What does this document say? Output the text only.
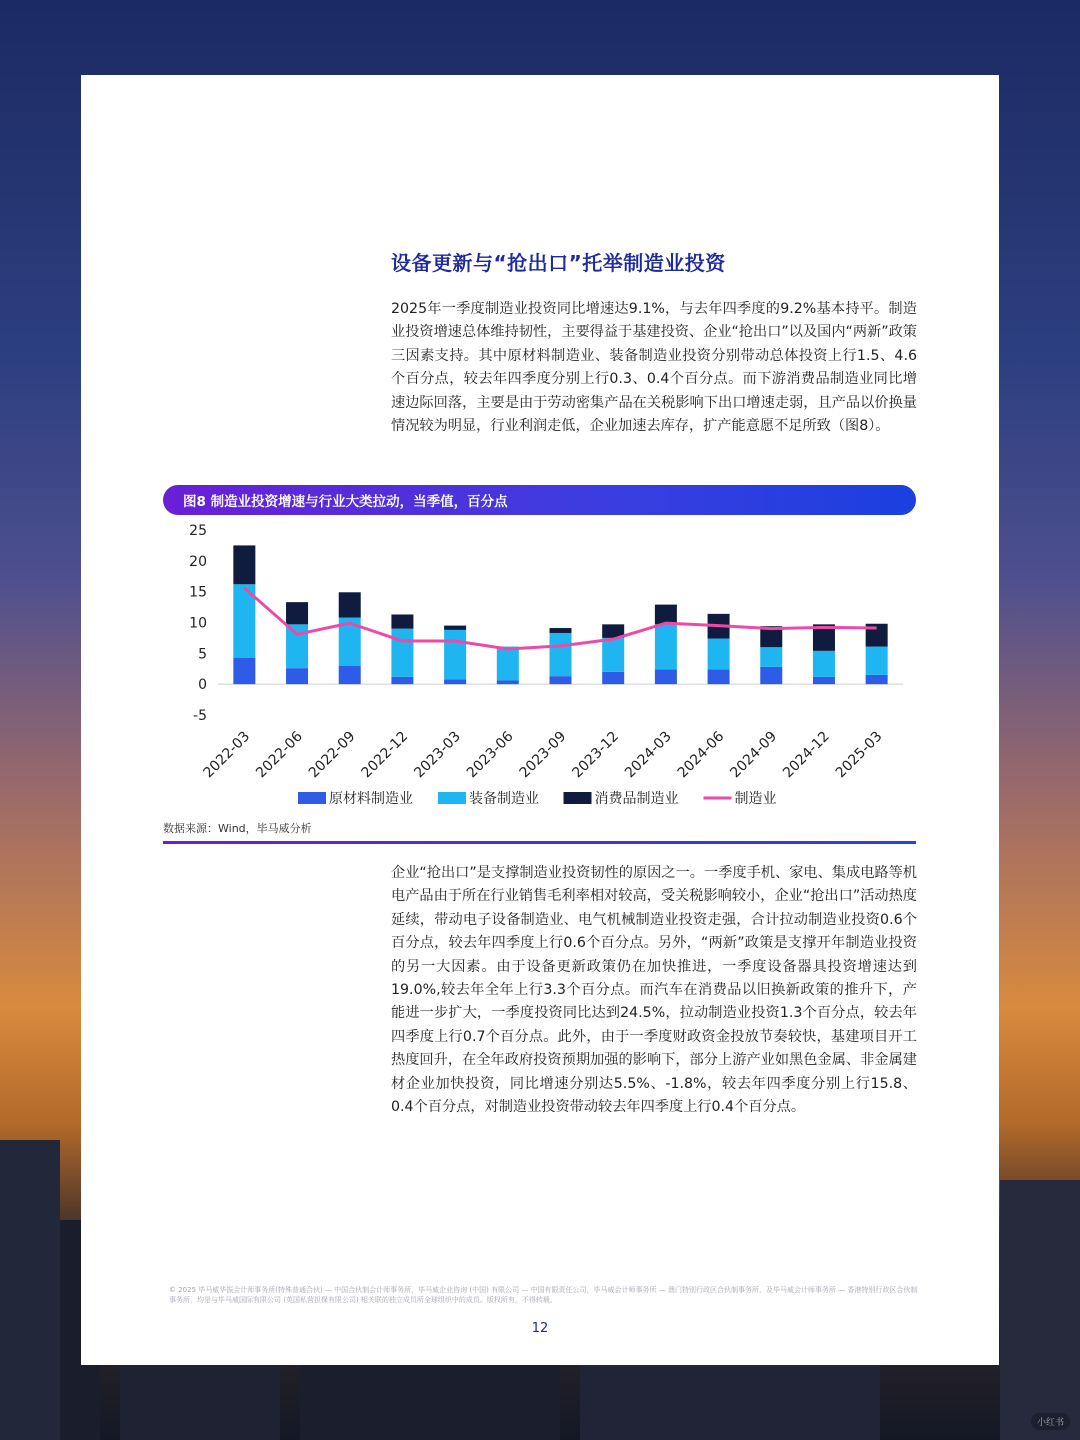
设备更新与“抢出口”托举制造业投资

2025年一季度制造业投资同比增速达9.1%，与去年四季度的9.2%基本持平。制造业投资增速总体维持韧性，主要得益于基建投资、企业“抢出口”以及国内“两新”政策三因素支持。其中原材料制造业、装备制造业投资分别带动总体投资上行1.5、4.6个百分点，较去年四季度分别上行0.3、0.4个百分点。而下游消费品制造业同比增速边际回落，主要是由于劳动密集产品在关税影响下出口增速走弱，且产品以价换量情况较为明显，行业利润走低，企业加速去库存，扩产能意愿不足所致（图8）。

图8 制造业投资增速与行业大类拉动，当季值，百分点
25
20
15
10
5
0
-5
2022-03 2022-06 2022-09 2022-12 2023-03 2023-06 2023-09 2023-12 2024-03 2024-06 2024-09 2024-12 2025-03
原材料制造业	装备制造业	消费品制造业	制造业
数据来源：Wind，毕马威分析

企业“抢出口”是支撑制造业投资韧性的原因之一。一季度手机、家电、集成电路等机电产品由于所在行业销售毛利率相对较高，受关税影响较小，企业“抢出口”活动热度延续，带动电子设备制造业、电气机械制造业投资走强，合计拉动制造业投资0.6个百分点，较去年四季度上行0.6个百分点。另外，“两新”政策是支撑开年制造业投资的另一大因素。由于设备更新政策仍在加快推进，一季度设备器具投资增速达到19.0%,较去年全年上行3.3个百分点。而汽车在消费品以旧换新政策的推升下，产能进一步扩大，一季度投资同比达到24.5%，拉动制造业投资1.3个百分点，较去年四季度上行0.7个百分点。此外，由于一季度财政资金投放节奏较快，基建项目开工热度回升，在全年政府投资预期加强的影响下，部分上游产业如黑色金属、非金属建材企业加快投资，同比增速分别达5.5%、-1.8%，较去年四季度分别上行15.8、0.4个百分点，对制造业投资带动较去年四季度上行0.4个百分点。

© 2025 毕马威华振会计师事务所(特殊普通合伙) — 中国合伙制会计师事务所，毕马威企业咨询 (中国) 有限公司 — 中国有限责任公司，毕马威会计师事务所 — 澳门特别行政区合伙制事务所，及毕马威会计师事务所 — 香港特别行政区合伙制事务所，均是与毕马威国际有限公司 (英国私营担保有限公司) 相关联的独立成员所全球组织中的成员。版权所有，不得转载。
12
小红书
